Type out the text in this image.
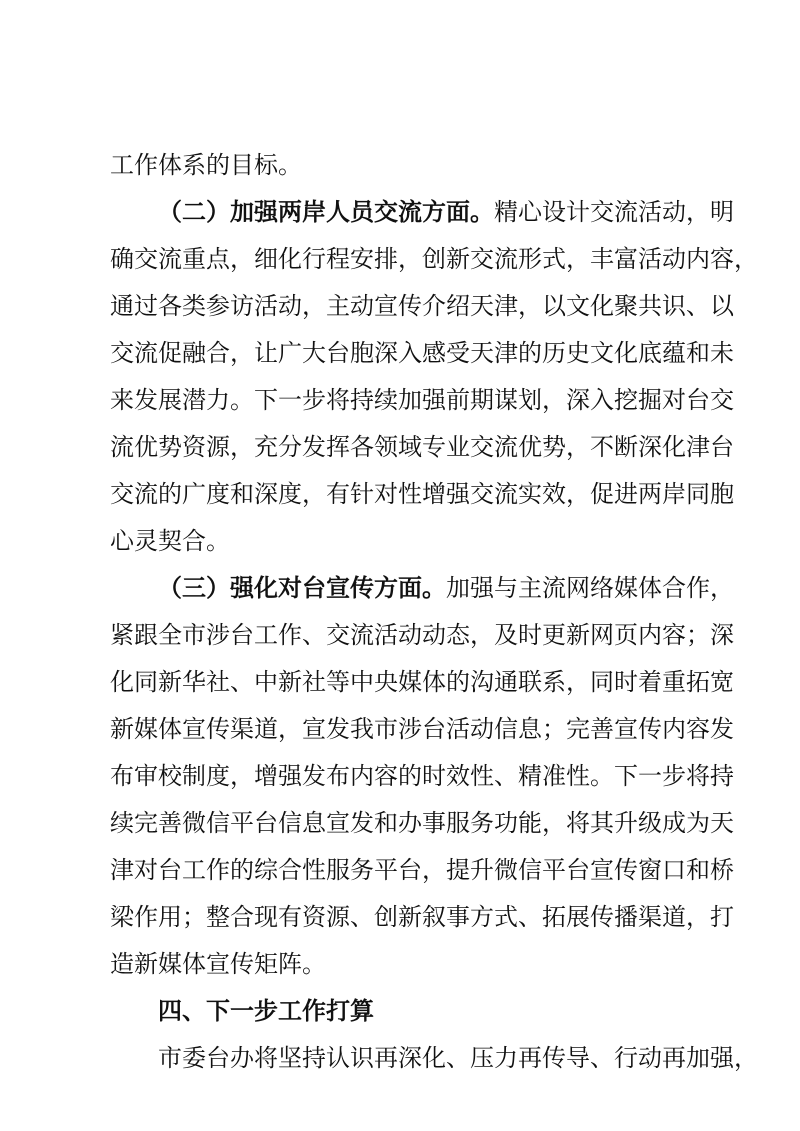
工作体系的目标。
（二）加强两岸人员交流方面。精心设计交流活动，明
确交流重点，细化行程安排，创新交流形式，丰富活动内容，
通过各类参访活动，主动宣传介绍天津，以文化聚共识、以
交流促融合，让广大台胞深入感受天津的历史文化底蕴和未
来发展潜力。下一步将持续加强前期谋划，深入挖掘对台交
流优势资源，充分发挥各领域专业交流优势，不断深化津台
交流的广度和深度，有针对性增强交流实效，促进两岸同胞
心灵契合。
（三）强化对台宣传方面。加强与主流网络媒体合作，
紧跟全市涉台工作、交流活动动态，及时更新网页内容；深
化同新华社、中新社等中央媒体的沟通联系，同时着重拓宽
新媒体宣传渠道，宣发我市涉台活动信息；完善宣传内容发
布审校制度，增强发布内容的时效性、精准性。下一步将持
续完善微信平台信息宣发和办事服务功能，将其升级成为天
津对台工作的综合性服务平台，提升微信平台宣传窗口和桥
梁作用；整合现有资源、创新叙事方式、拓展传播渠道，打
造新媒体宣传矩阵。
四、下一步工作打算
市委台办将坚持认识再深化、压力再传导、行动再加强，
